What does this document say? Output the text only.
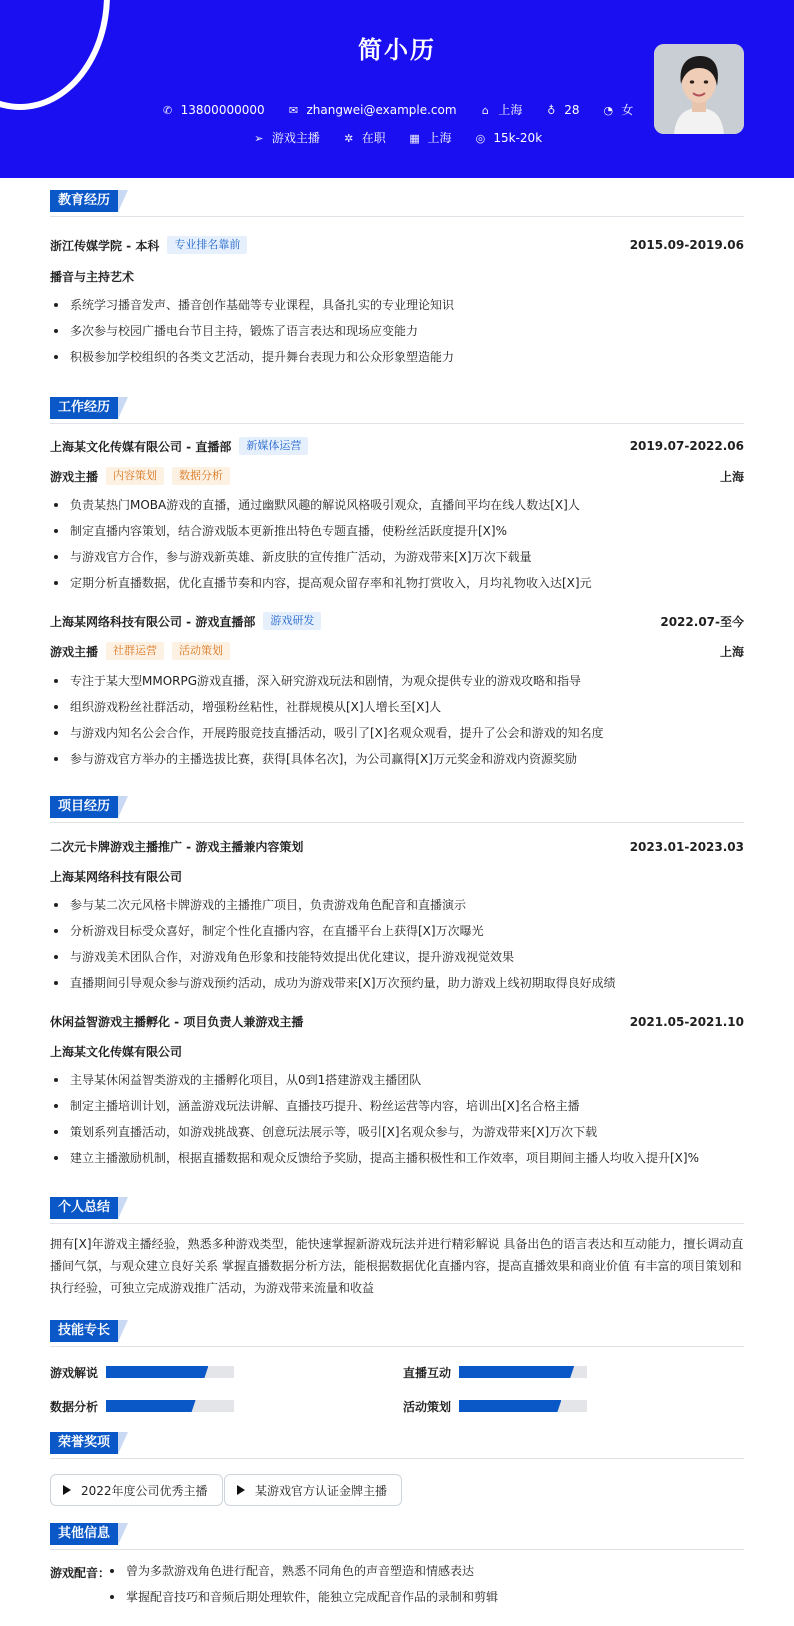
简小历
✆ 13800000000 ✉ zhangwei@example.com ⌂ 上海 ♁ 28 ◔ 女
➢ 游戏主播 ✲ 在职 ▦ 上海 ◎ 15k-20k
教育经历
浙江传媒学院 - 本科	专业排名靠前	2015.09-2019.06
播音与主持艺术
系统学习播音发声、播音创作基础等专业课程，具备扎实的专业理论知识
多次参与校园广播电台节目主持，锻炼了语言表达和现场应变能力
积极参加学校组织的各类文艺活动，提升舞台表现力和公众形象塑造能力
工作经历
上海某文化传媒有限公司 - 直播部	新媒体运营	2019.07-2022.06
游戏主播	内容策划	数据分析	上海
负责某热门MOBA游戏的直播，通过幽默风趣的解说风格吸引观众，直播间平均在线人数达[X]人
制定直播内容策划，结合游戏版本更新推出特色专题直播，使粉丝活跃度提升[X]%
与游戏官方合作，参与游戏新英雄、新皮肤的宣传推广活动，为游戏带来[X]万次下载量
定期分析直播数据，优化直播节奏和内容，提高观众留存率和礼物打赏收入，月均礼物收入达[X]元
上海某网络科技有限公司 - 游戏直播部	游戏研发	2022.07-至今
游戏主播	社群运营	活动策划	上海
专注于某大型MMORPG游戏直播，深入研究游戏玩法和剧情，为观众提供专业的游戏攻略和指导
组织游戏粉丝社群活动，增强粉丝粘性，社群规模从[X]人增长至[X]人
与游戏内知名公会合作，开展跨服竞技直播活动，吸引了[X]名观众观看，提升了公会和游戏的知名度
参与游戏官方举办的主播选拔比赛，获得[具体名次]，为公司赢得[X]万元奖金和游戏内资源奖励
项目经历
二次元卡牌游戏主播推广 - 游戏主播兼内容策划	2023.01-2023.03
上海某网络科技有限公司
参与某二次元风格卡牌游戏的主播推广项目，负责游戏角色配音和直播演示
分析游戏目标受众喜好，制定个性化直播内容，在直播平台上获得[X]万次曝光
与游戏美术团队合作，对游戏角色形象和技能特效提出优化建议，提升游戏视觉效果
直播期间引导观众参与游戏预约活动，成功为游戏带来[X]万次预约量，助力游戏上线初期取得良好成绩
休闲益智游戏主播孵化 - 项目负责人兼游戏主播	2021.05-2021.10
上海某文化传媒有限公司
主导某休闲益智类游戏的主播孵化项目，从0到1搭建游戏主播团队
制定主播培训计划，涵盖游戏玩法讲解、直播技巧提升、粉丝运营等内容，培训出[X]名合格主播
策划系列直播活动，如游戏挑战赛、创意玩法展示等，吸引[X]名观众参与，为游戏带来[X]万次下载
建立主播激励机制，根据直播数据和观众反馈给予奖励，提高主播积极性和工作效率，项目期间主播人均收入提升[X]%
个人总结
拥有[X]年游戏主播经验，熟悉多种游戏类型，能快速掌握新游戏玩法并进行精彩解说 具备出色的语言表达和互动能力，擅长调动直
播间气氛，与观众建立良好关系 掌握直播数据分析方法，能根据数据优化直播内容，提高直播效果和商业价值 有丰富的项目策划和
执行经验，可独立完成游戏推广活动，为游戏带来流量和收益
技能专长
游戏解说	直播互动
数据分析	活动策划
荣誉奖项
2022年度公司优秀主播	某游戏官方认证金牌主播
其他信息
游戏配音：	曾为多款游戏角色进行配音，熟悉不同角色的声音塑造和情感表达
掌握配音技巧和音频后期处理软件，能独立完成配音作品的录制和剪辑
